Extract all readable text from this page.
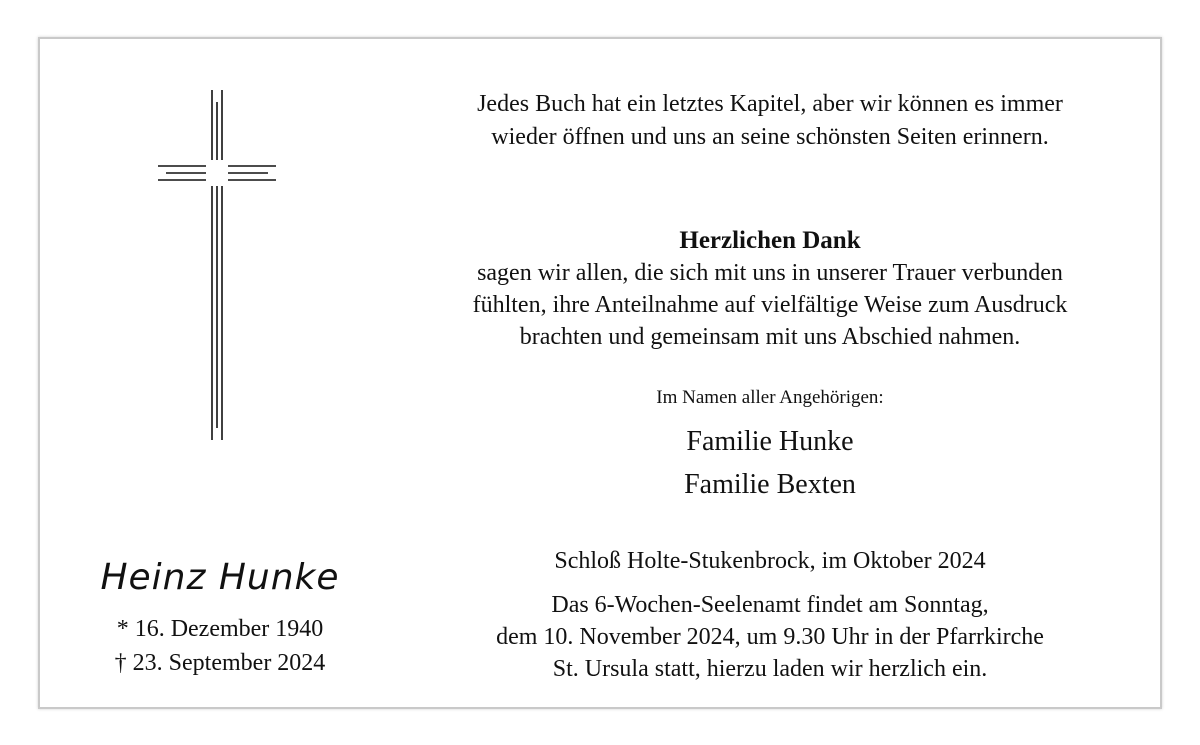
Jedes Buch hat ein letztes Kapitel, aber wir können es immer
wieder öffnen und uns an seine schönsten Seiten erinnern.
Herzlichen Dank
sagen wir allen, die sich mit uns in unserer Trauer verbunden
fühlten, ihre Anteilnahme auf vielfältige Weise zum Ausdruck
brachten und gemeinsam mit uns Abschied nahmen.
Im Namen aller Angehörigen:
Familie Hunke
Familie Bexten
Schloß Holte-Stukenbrock, im Oktober 2024
Das 6-Wochen-Seelenamt findet am Sonntag,
dem 10. November 2024, um 9.30 Uhr in der Pfarrkirche
St. Ursula statt, hierzu laden wir herzlich ein.
Heinz Hunke
* 16. Dezember 1940
† 23. September 2024
